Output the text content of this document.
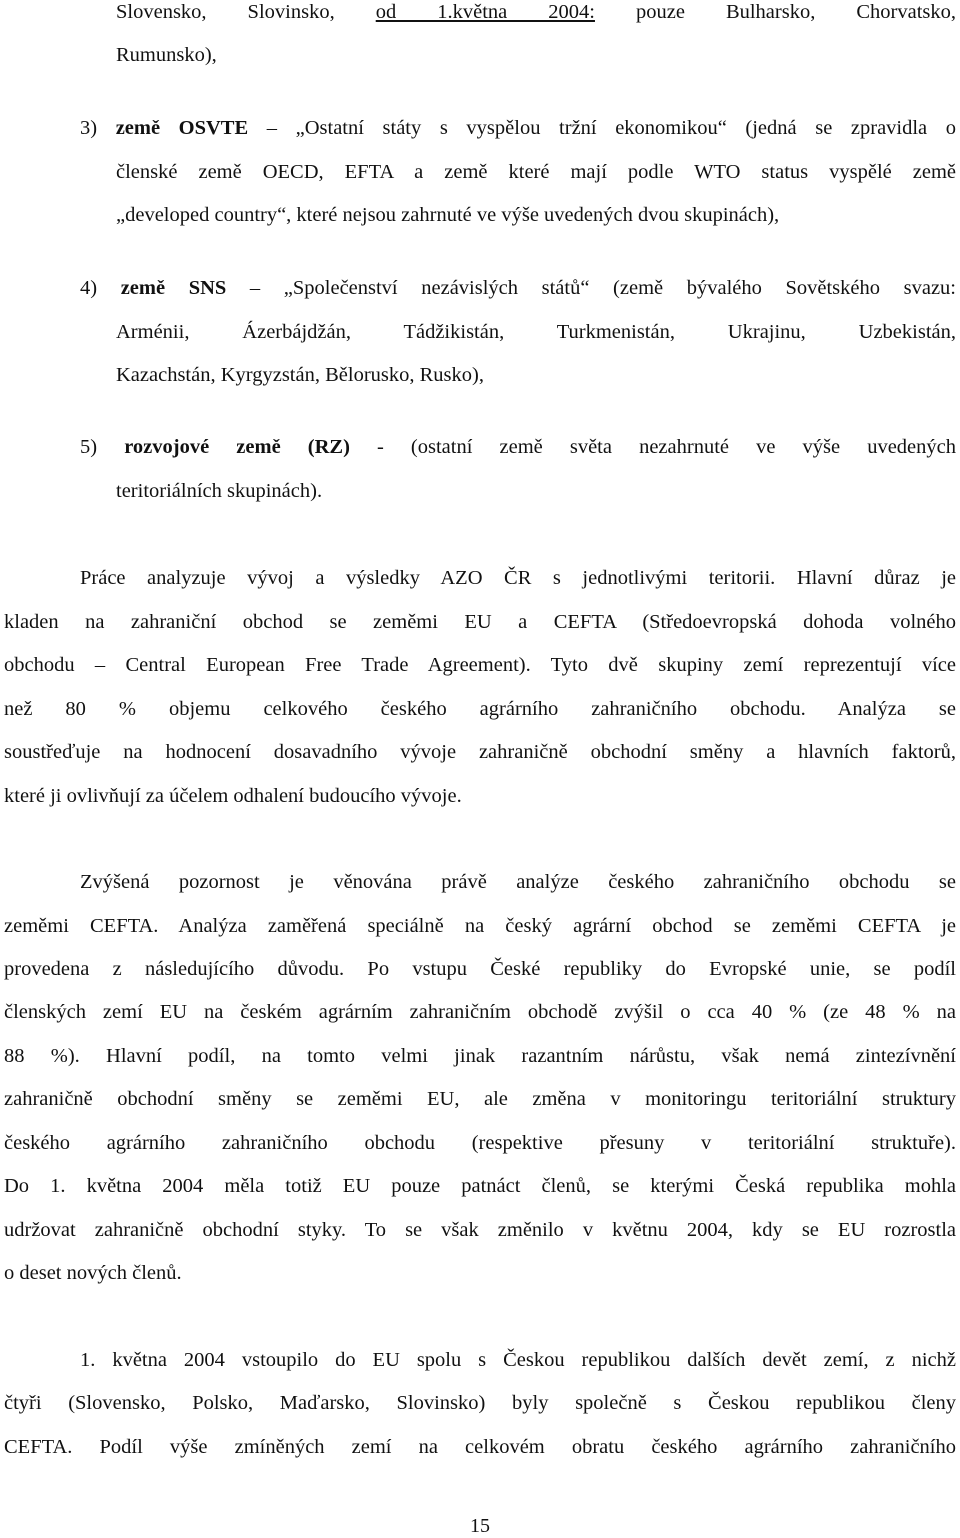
Slovensko, Slovinsko, od 1.května 2004: pouze Bulharsko, Chorvatsko,
Rumunsko),
3) země OSVTE – „Ostatní státy s vyspělou tržní ekonomikou“ (jedná se zpravidla o
členské země OECD, EFTA a země které mají podle WTO status vyspělé země
„developed country“, které nejsou zahrnuté ve výše uvedených dvou skupinách),
4) země SNS – „Společenství nezávislých států“ (země bývalého Sovětského svazu:
Arménii, Ázerbájdžán, Tádžikistán, Turkmenistán, Ukrajinu, Uzbekistán,
Kazachstán, Kyrgyzstán, Bělorusko, Rusko),
5) rozvojové země (RZ) - (ostatní země světa nezahrnuté ve výše uvedených
teritoriálních skupinách).
Práce analyzuje vývoj a výsledky AZO ČR s jednotlivými teritorii. Hlavní důraz je
kladen na zahraniční obchod se zeměmi EU a CEFTA (Středoevropská dohoda volného
obchodu – Central European Free Trade Agreement). Tyto dvě skupiny zemí reprezentují více
než 80 % objemu celkového českého agrárního zahraničního obchodu. Analýza se
soustřeďuje na hodnocení dosavadního vývoje zahraničně obchodní směny a hlavních faktorů,
které ji ovlivňují za účelem odhalení budoucího vývoje.
Zvýšená pozornost je věnována právě analýze českého zahraničního obchodu se
zeměmi CEFTA. Analýza zaměřená speciálně na český agrární obchod se zeměmi CEFTA je
provedena z následujícího důvodu. Po vstupu České republiky do Evropské unie, se podíl
členských zemí EU na českém agrárním zahraničním obchodě zvýšil o cca 40 % (ze 48 % na
88 %). Hlavní podíl, na tomto velmi jinak razantním nárůstu, však nemá zintezívnění
zahraničně obchodní směny se zeměmi EU, ale změna v monitoringu teritoriální struktury
českého agrárního zahraničního obchodu (respektive přesuny v teritoriální struktuře).
Do 1. května 2004 měla totiž EU pouze patnáct členů, se kterými Česká republika mohla
udržovat zahraničně obchodní styky. To se však změnilo v květnu 2004, kdy se EU rozrostla
o deset nových členů.
1. května 2004 vstoupilo do EU spolu s Českou republikou dalších devět zemí, z nichž
čtyři (Slovensko, Polsko, Maďarsko, Slovinsko) byly společně s Českou republikou členy
CEFTA. Podíl výše zmíněných zemí na celkovém obratu českého agrárního zahraničního
15
